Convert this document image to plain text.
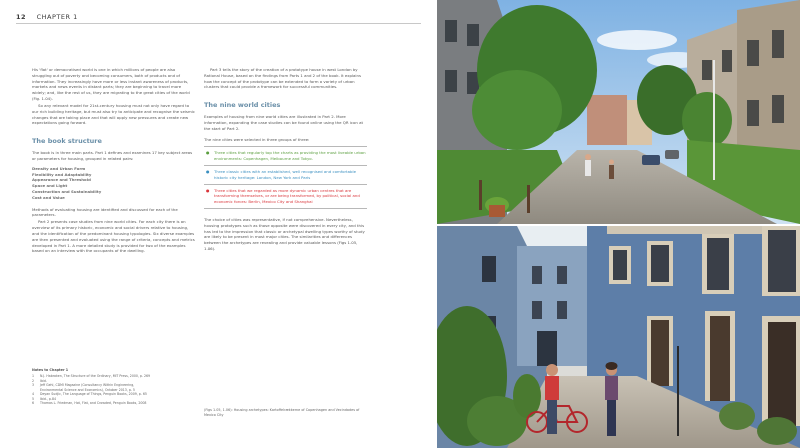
12 CHAPTER 1

His 'flat' or democratised world is one in which millions of people are also struggling out of poverty and becoming consumers, both of products and of information. They increasingly have more or less instant awareness of products, markets and news events in distant parts; they are beginning to travel more widely; and, like the rest of us, they are migrating to the great cities of the world (Fig. 1.04).

So any relevant model for 21st-century housing must not only have regard to our rich building heritage, but must also try to anticipate and recognise the seismic changes that are taking place and that will apply new pressures and create new expectations going forward.

The book structure

The book is in three main parts. Part 1 defines and examines 17 key subject areas or parameters for housing, grouped in related pairs:

Density and Urban Form
Flexibility and Adaptability
Appearance and Threshold
Space and Light
Construction and Sustainability
Cost and Value

Methods of evaluating housing are identified and discussed for each of the parameters.

Part 2 presents case studies from nine world cities. For each city there is an overview of its primary historic, economic and social drivers relative to housing, and the identification of the predominant housing typologies. Six diverse examples are then presented and evaluated using the range of criteria, concepts and metrics developed in Part 1. A more detailed study is provided for two of the examples based on an interview with the occupants of the dwelling.

Part 3 tells the story of the creation of a prototype house in west London by Rational House, based on the findings from Parts 1 and 2 of the book. It explains how the concept of the prototype can be extended to form a variety of urban clusters that could provide a framework for successful communities.

The nine world cities

Examples of housing from nine world cities are illustrated in Part 2. More information, expanding the case studies can be found online using the QR icon at the start of Part 2.

The nine cities were selected in three groups of three:

●	Three cities that regularly top the charts as providing the most liveable urban environments: Copenhagen, Melbourne and Tokyo.
●	Three classic cities with an established, well recognised and comfortable historic city heritage: London, New York and Paris
●	Three cities that we regarded as more dynamic urban centres that are transforming themselves, or are being transformed, by political, social and economic forces: Berlin, Mexico City and Shanghai

The choice of cities was representative, if not comprehensive. Nevertheless, housing prototypes such as those opposite were discovered in every city, and this has led to the impression that classic or archetypal dwelling types worthy of study are likely to be present in most major cities. The similarities and differences between the archetypes are revealing and provide valuable lessons (Figs 1.05, 1.06).

Notes to Chapter 1
1	N.J. Habraken, The Structure of the Ordinary, MIT Press, 2000, p. 269
2	Ibid.
3	Jeff Gehl, CDMI Magazine (Consultancy Within Engineering,
Environmental Science and Economics), October 2013, p. 5
4	Deyan Sudjic, The Language of Things, Penguin Books, 2009, p. 65
5	Ibid., p.84
6	Thomas L. Friedman, Hot, Flat, and Crowded, Penguin Books, 2008
(Figs 1.05, 1.06): Housing archetypes: Kartoffelrækkerne of Copenhagen and Vecindades of Mexico City
